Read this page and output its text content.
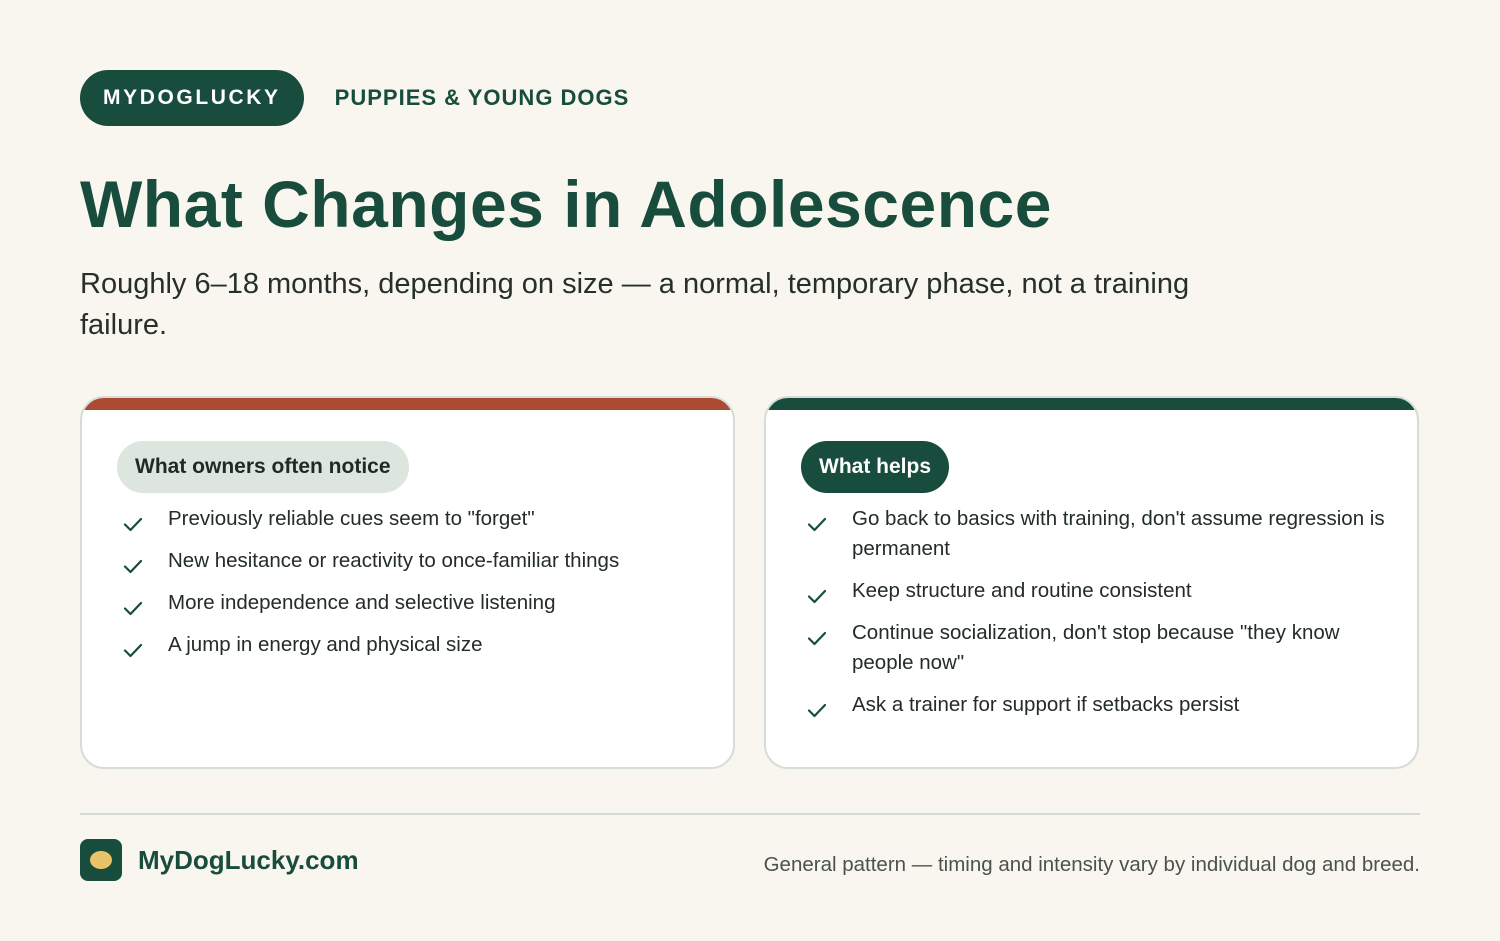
MYDOGLUCKY	PUPPIES & YOUNG DOGS
What Changes in Adolescence

Roughly 6–18 months, depending on size — a normal, temporary phase, not a training failure.

What owners often notice
Previously reliable cues seem to "forget"
New hesitance or reactivity to once-familiar things
More independence and selective listening
A jump in energy and physical size
What helps
Go back to basics with training, don't assume regression is permanent
Keep structure and routine consistent
Continue socialization, don't stop because "they know people now"
Ask a trainer for support if setbacks persist
MyDogLucky.com	General pattern — timing and intensity vary by individual dog and breed.
